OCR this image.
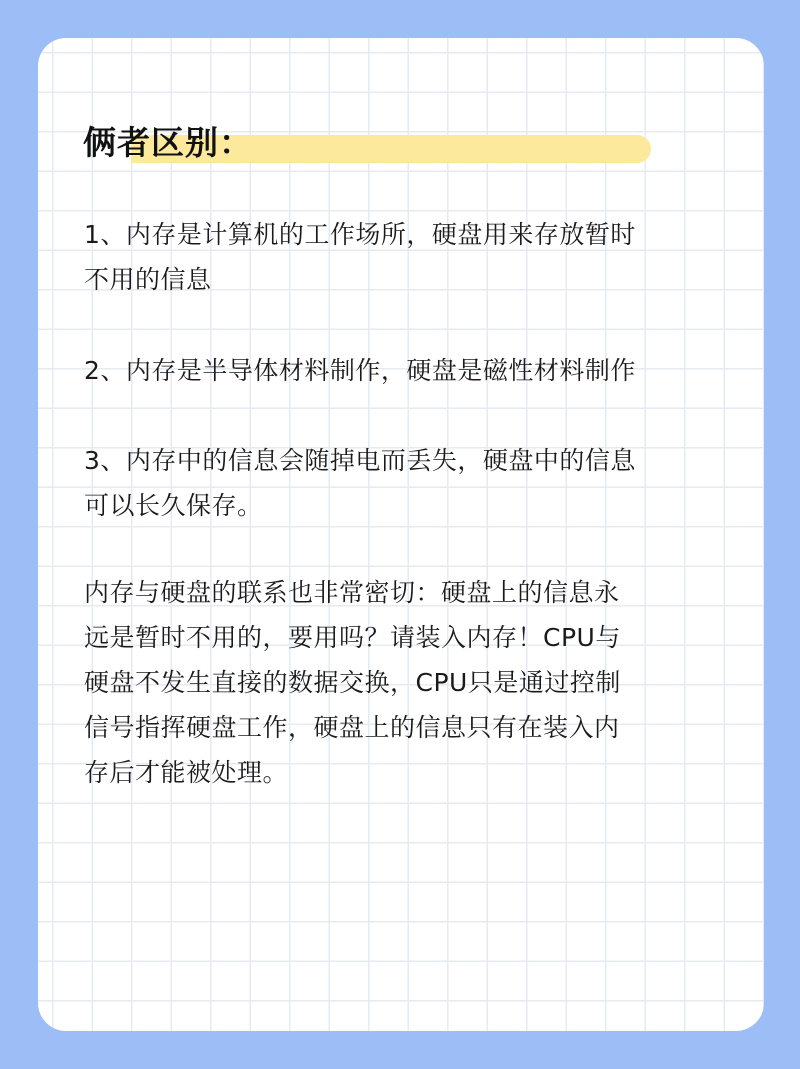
俩者区别：

1、内存是计算机的工作场所，硬盘用来存放暂时
不用的信息

2、内存是半导体材料制作，硬盘是磁性材料制作

3、内存中的信息会随掉电而丢失，硬盘中的信息
可以长久保存。

内存与硬盘的联系也非常密切：硬盘上的信息永
远是暂时不用的，要用吗？请装入内存！CPU与
硬盘不发生直接的数据交换，CPU只是通过控制
信号指挥硬盘工作，硬盘上的信息只有在装入内
存后才能被处理。
